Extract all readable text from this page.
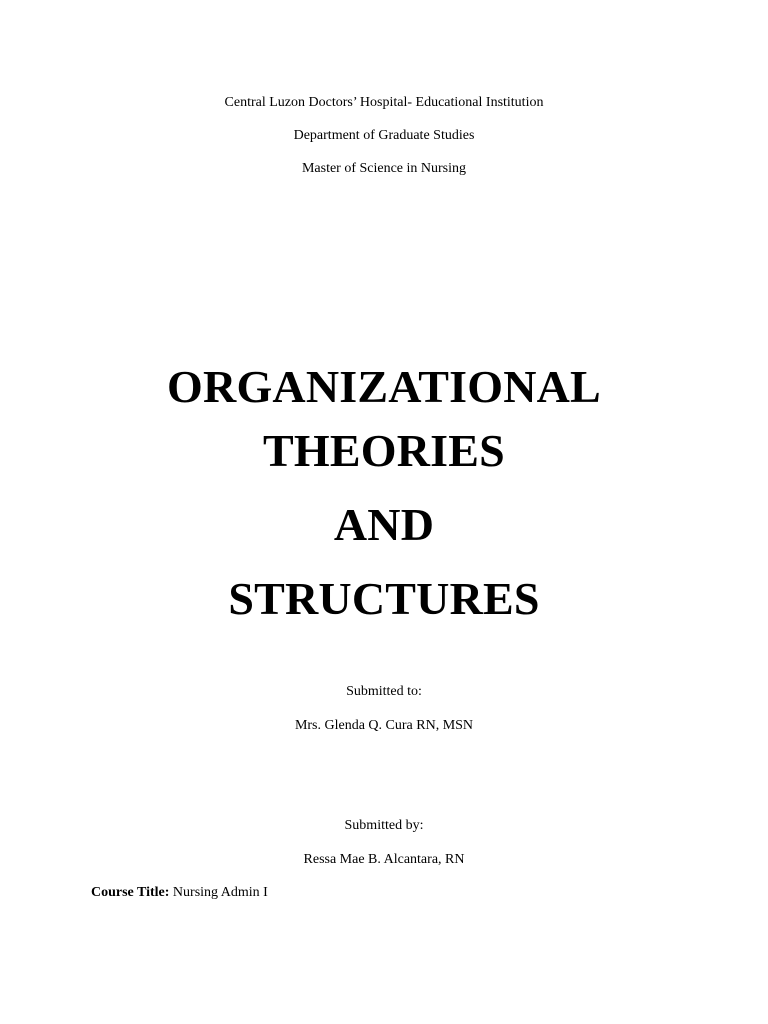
Central Luzon Doctors’ Hospital- Educational Institution
Department of Graduate Studies
Master of Science in Nursing
ORGANIZATIONAL
THEORIES
AND
STRUCTURES
Submitted to:
Mrs. Glenda Q. Cura RN, MSN
Submitted by:
Ressa Mae B. Alcantara, RN
Course Title: Nursing Admin I
